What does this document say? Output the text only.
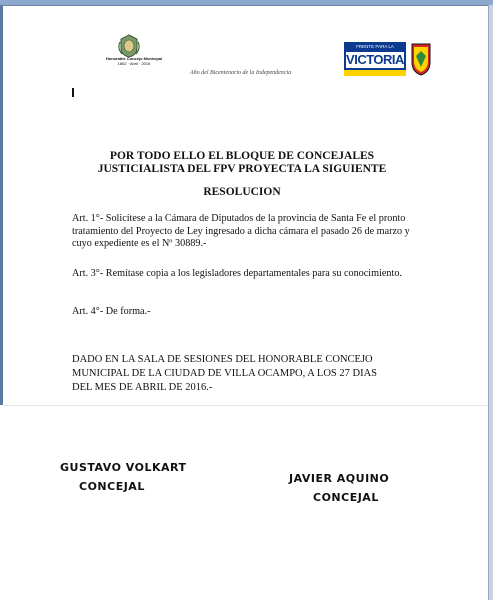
Honorable Concejo Municipal
1862 · Abril · 2016
Año del Bicentenario de la Independencia
FRENTE PARA LA
VICTORIA
POR TODO ELLO EL BLOQUE DE CONCEJALES
JUSTICIALISTA DEL FPV PROYECTA LA SIGUIENTE
RESOLUCION
Art. 1°- Solicítese a la Cámara de Diputados de la provincia de Santa Fe el pronto tratamiento del Proyecto de Ley ingresado a dicha cámara el pasado 26 de marzo y cuyo expediente es el Nº 30889.-
Art. 3°- Remítase copia a los legisladores departamentales para su conocimiento.
Art. 4°- De forma.-
DADO EN LA SALA DE SESIONES DEL HONORABLE CONCEJO
MUNICIPAL DE LA CIUDAD DE VILLA OCAMPO, A LOS 27 DIAS
DEL MES DE ABRIL DE 2016.-
GUSTAVO VOLKART
CONCEJAL
JAVIER AQUINO
CONCEJAL
